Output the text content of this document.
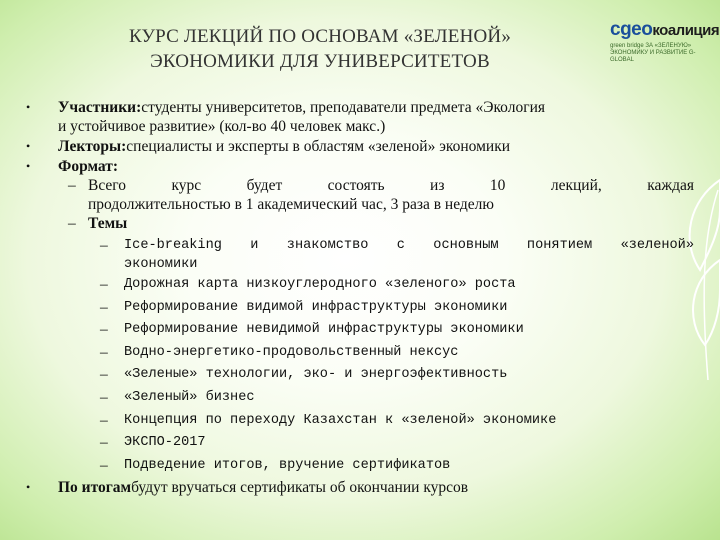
КУРС ЛЕКЦИЙ ПО ОСНОВАМ «ЗЕЛЕНОЙ»
ЭКОНОМИКИ ДЛЯ УНИВЕРСИТЕТОВ
cgeoкоалиция
green bridge ЗА «ЗЕЛЕНУЮ»
ЭКОНОМИКУ И РАЗВИТИЕ G-GLOBAL
•	Участники:студенты университетов, преподаватели предмета «Экология
и устойчивое развитие» (кол-во 40 человек макс.)
•	Лекторы:специалисты и эксперты в областям «зеленой» экономики
•	Формат:
– Всего курс будет состоять из 10 лекций, каждая
продолжительностью в 1 академический час, 3 раза в неделю
– Темы
– Ice-breaking и знакомство с основным понятием «зеленой»
экономики
– Дорожная карта низкоуглеродного «зеленого» роста
– Реформирование видимой инфраструктуры экономики
– Реформирование невидимой инфраструктуры экономики
– Водно-энергетико-продовольственный нексус
– «Зеленые» технологии, эко- и энергоэфективность
– «Зеленый» бизнес
– Концепция по переходу Казахстан к «зеленой» экономике
– ЭКСПО-2017
– Подведение итогов, вручение сертификатов
•	По итогамбудут вручаться сертификаты об окончании курсов
